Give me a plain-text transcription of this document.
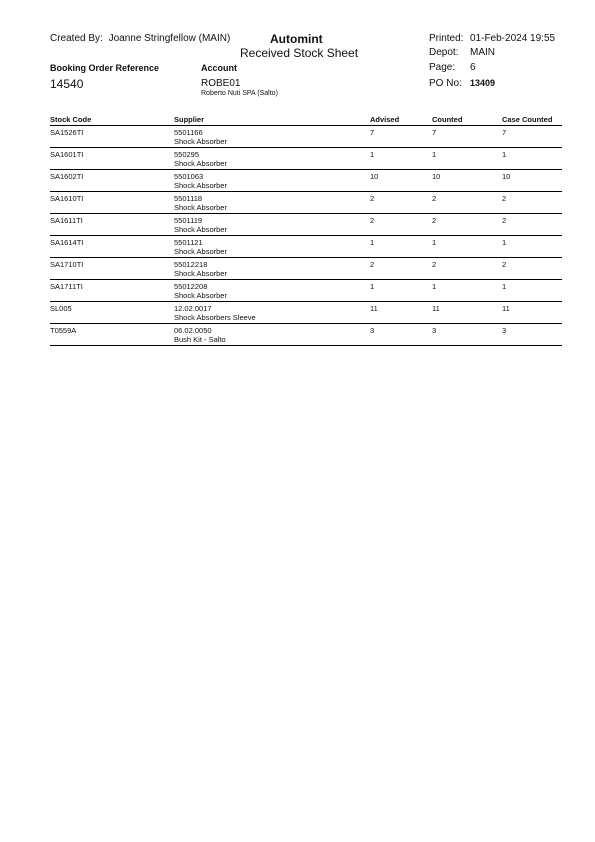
Created By: Joanne Stringfellow (MAIN)	Automint
Received Stock Sheet
Printed: 01-Feb-2024 19:55
Depot: MAIN
Page: 6
PO No: 13409
Booking Order Reference
14540
Account
ROBE01
Roberto Nuti SPA (Salto)
Stock Code	Supplier	Advised	Counted	Case Counted
SA1526TI	5501166
Shock Absorber	7	7	7
SA1601TI	550295
Shock Absorber	1	1	1
SA1602TI	5501063
Shock Absorber	10	10	10
SA1610TI	5501118
Shock Absorber	2	2	2
SA1611TI	5501119
Shock Absorber	2	2	2
SA1614TI	5501121
Shock Absorber	1	1	1
SA1710TI	55012218
Shock Absorber	2	2	2
SA1711TI	55012208
Shock Absorber	1	1	1
SL005	12.02.0017
Shock Absorbers Sleeve	11	11	11
T0559A	06.02.0050
Bush Kit - Salto	3	3	3
